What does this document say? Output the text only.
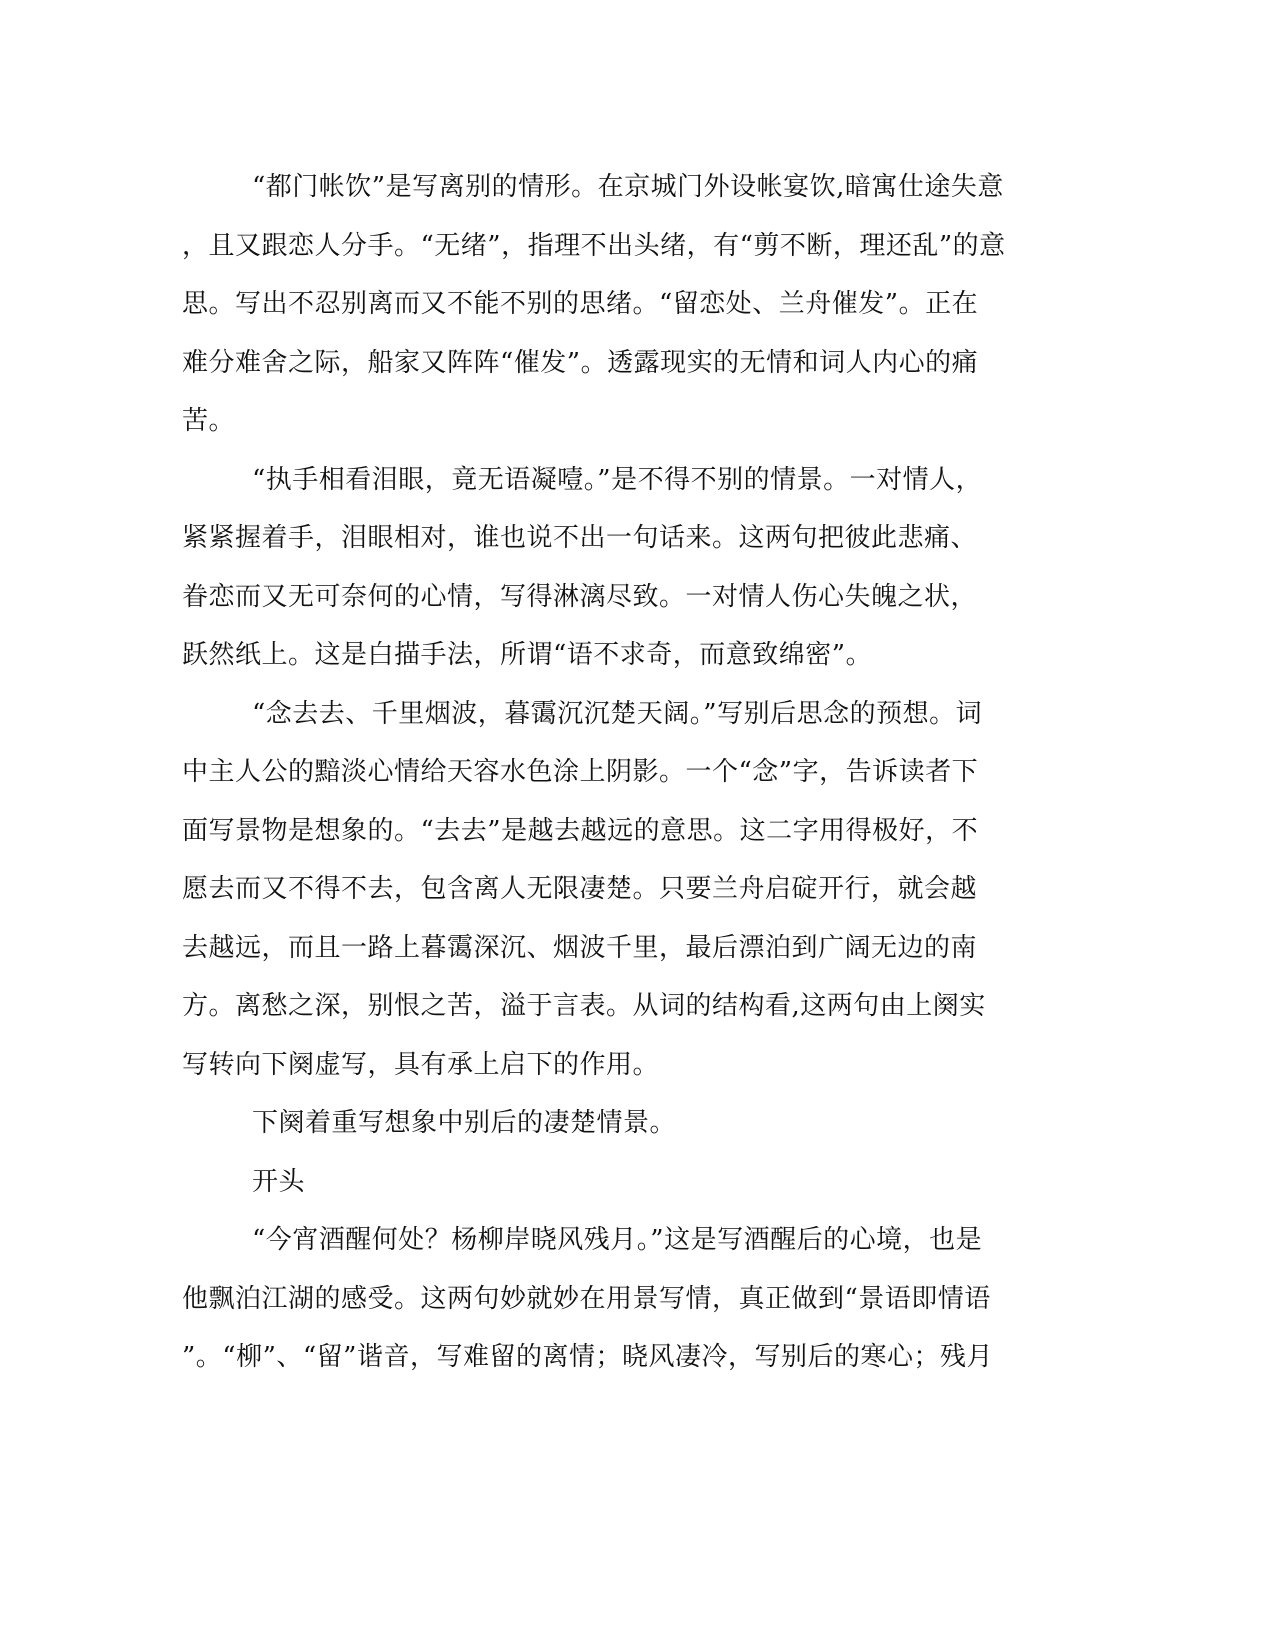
“都门帐饮”是写离别的情形。在京城门外设帐宴饮,暗寓仕途失意
，且又跟恋人分手。“无绪”，指理不出头绪，有“剪不断，理还乱”的意
思。写出不忍别离而又不能不别的思绪。“留恋处、兰舟催发”。正在
难分难舍之际，船家又阵阵“催发”。透露现实的无情和词人内心的痛
苦。
“执手相看泪眼，竟无语凝噎。”是不得不别的情景。一对情人，
紧紧握着手，泪眼相对，谁也说不出一句话来。这两句把彼此悲痛、
眷恋而又无可奈何的心情，写得淋漓尽致。一对情人伤心失魄之状，
跃然纸上。这是白描手法，所谓“语不求奇，而意致绵密”。
“念去去、千里烟波，暮霭沉沉楚天阔。”写别后思念的预想。词
中主人公的黯淡心情给天容水色涂上阴影。一个“念”字，告诉读者下
面写景物是想象的。“去去”是越去越远的意思。这二字用得极好，不
愿去而又不得不去，包含离人无限凄楚。只要兰舟启碇开行，就会越
去越远，而且一路上暮霭深沉、烟波千里，最后漂泊到广阔无边的南
方。离愁之深，别恨之苦，溢于言表。从词的结构看,这两句由上阕实
写转向下阕虚写，具有承上启下的作用。
下阕着重写想象中别后的凄楚情景。
开头
“今宵酒醒何处？杨柳岸晓风残月。”这是写酒醒后的心境，也是
他飘泊江湖的感受。这两句妙就妙在用景写情，真正做到“景语即情语
”。“柳”、“留”谐音，写难留的离情；晓风凄冷，写别后的寒心；残月
